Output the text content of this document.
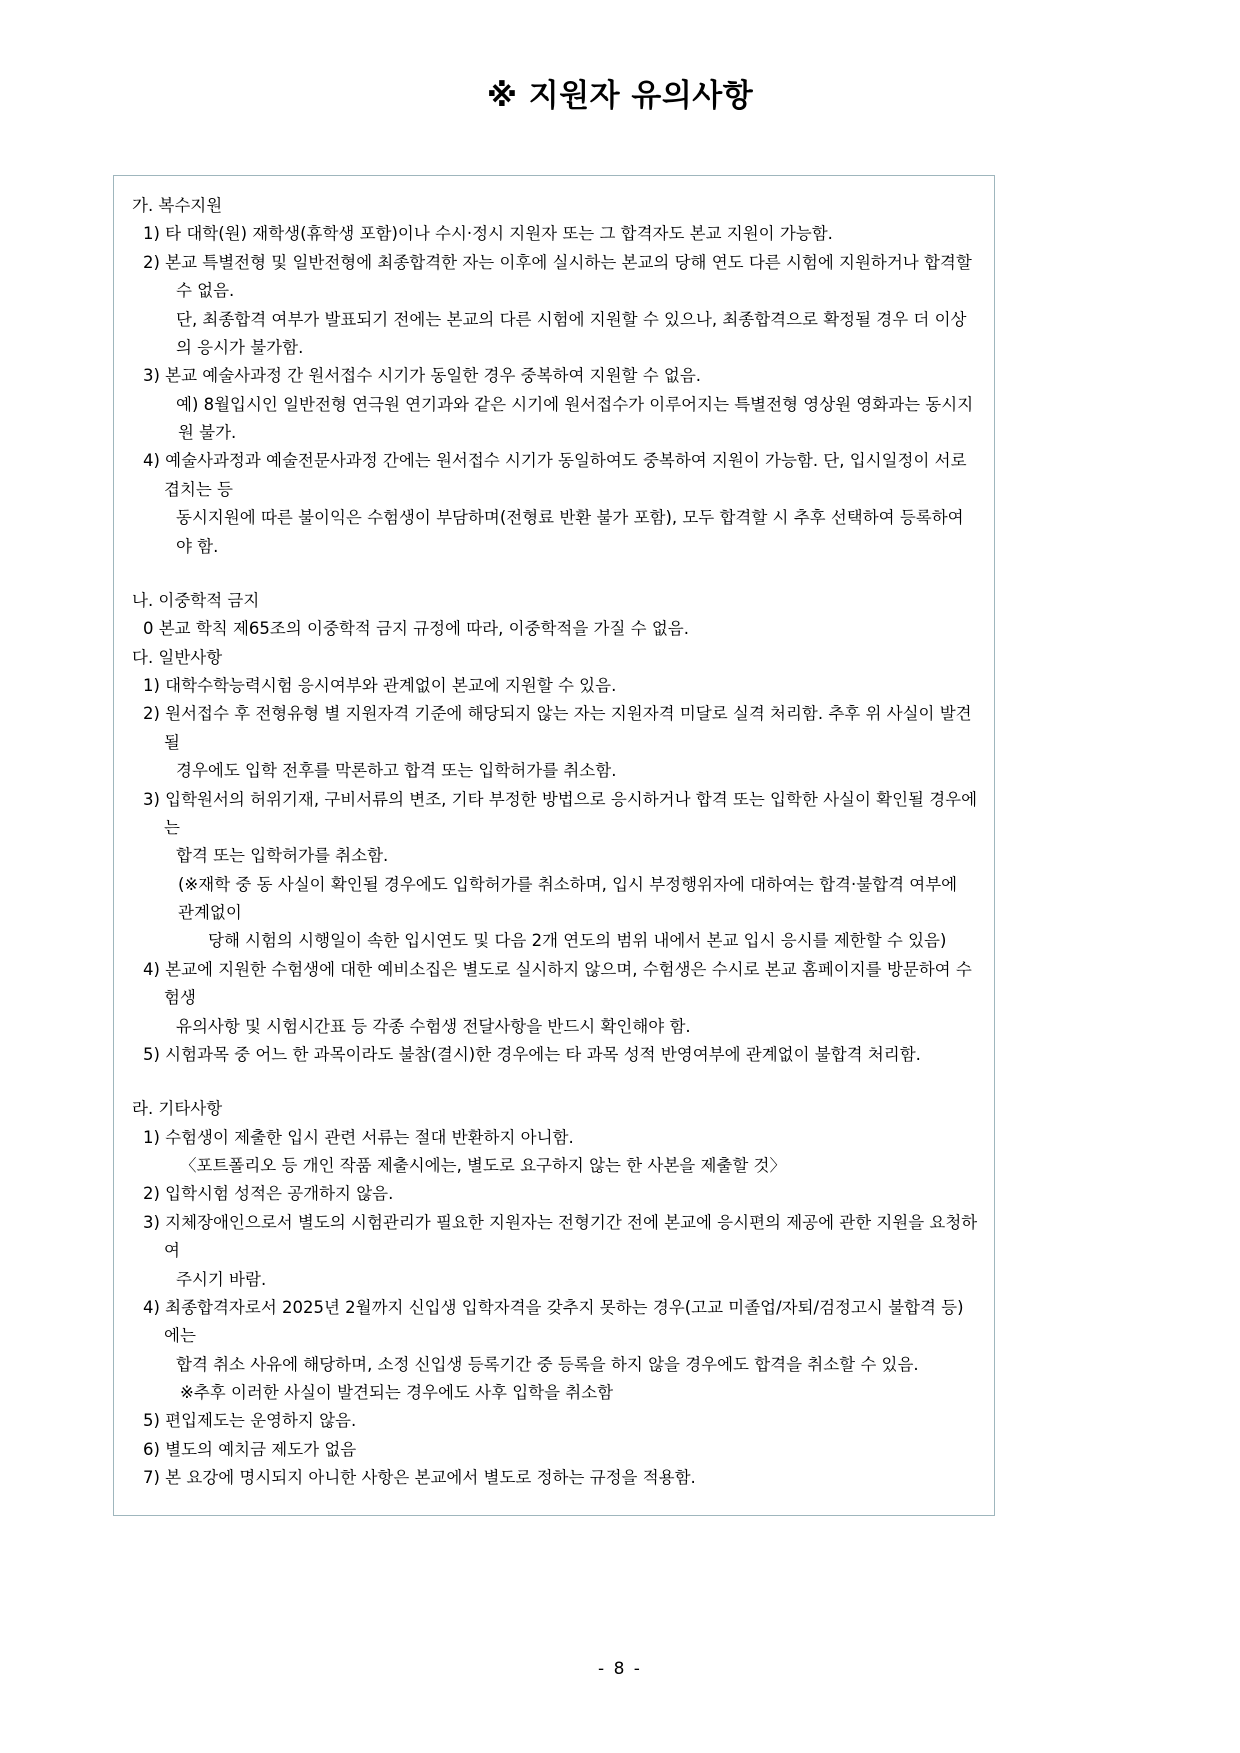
※ 지원자 유의사항
가. 복수지원
1) 타 대학(원) 재학생(휴학생 포함)이나 수시·정시 지원자 또는 그 합격자도 본교 지원이 가능함.
2) 본교 특별전형 및 일반전형에 최종합격한 자는 이후에 실시하는 본교의 당해 연도 다른 시험에 지원하거나 합격할
수 없음.
단, 최종합격 여부가 발표되기 전에는 본교의 다른 시험에 지원할 수 있으나, 최종합격으로 확정될 경우 더 이상의 응시가 불가함.
3) 본교 예술사과정 간 원서접수 시기가 동일한 경우 중복하여 지원할 수 없음.
예) 8월입시인 일반전형 연극원 연기과와 같은 시기에 원서접수가 이루어지는 특별전형 영상원 영화과는 동시지원 불가.
4) 예술사과정과 예술전문사과정 간에는 원서접수 시기가 동일하여도 중복하여 지원이 가능함. 단, 입시일정이 서로 겹치는 등
동시지원에 따른 불이익은 수험생이 부담하며(전형료 반환 불가 포함), 모두 합격할 시 추후 선택하여 등록하여야 함.
나. 이중학적 금지
0 본교 학칙 제65조의 이중학적 금지 규정에 따라, 이중학적을 가질 수 없음.
다. 일반사항
1) 대학수학능력시험 응시여부와 관계없이 본교에 지원할 수 있음.
2) 원서접수 후 전형유형 별 지원자격 기준에 해당되지 않는 자는 지원자격 미달로 실격 처리함. 추후 위 사실이 발견될
경우에도 입학 전후를 막론하고 합격 또는 입학허가를 취소함.
3) 입학원서의 허위기재, 구비서류의 변조, 기타 부정한 방법으로 응시하거나 합격 또는 입학한 사실이 확인될 경우에는
합격 또는 입학허가를 취소함.
(※재학 중 동 사실이 확인될 경우에도 입학허가를 취소하며, 입시 부정행위자에 대하여는 합격·불합격 여부에 관계없이
당해 시험의 시행일이 속한 입시연도 및 다음 2개 연도의 범위 내에서 본교 입시 응시를 제한할 수 있음)
4) 본교에 지원한 수험생에 대한 예비소집은 별도로 실시하지 않으며, 수험생은 수시로 본교 홈페이지를 방문하여 수험생
유의사항 및 시험시간표 등 각종 수험생 전달사항을 반드시 확인해야 함.
5) 시험과목 중 어느 한 과목이라도 불참(결시)한 경우에는 타 과목 성적 반영여부에 관계없이 불합격 처리함.
라. 기타사항
1) 수험생이 제출한 입시 관련 서류는 절대 반환하지 아니함.
〈포트폴리오 등 개인 작품 제출시에는, 별도로 요구하지 않는 한 사본을 제출할 것〉
2) 입학시험 성적은 공개하지 않음.
3) 지체장애인으로서 별도의 시험관리가 필요한 지원자는 전형기간 전에 본교에 응시편의 제공에 관한 지원을 요청하여
주시기 바람.
4) 최종합격자로서 2025년 2월까지 신입생 입학자격을 갖추지 못하는 경우(고교 미졸업/자퇴/검정고시 불합격 등)에는
합격 취소 사유에 해당하며, 소정 신입생 등록기간 중 등록을 하지 않을 경우에도 합격을 취소할 수 있음.
※추후 이러한 사실이 발견되는 경우에도 사후 입학을 취소함
5) 편입제도는 운영하지 않음.
6) 별도의 예치금 제도가 없음
7) 본 요강에 명시되지 아니한 사항은 본교에서 별도로 정하는 규정을 적용함.
- 8 -
